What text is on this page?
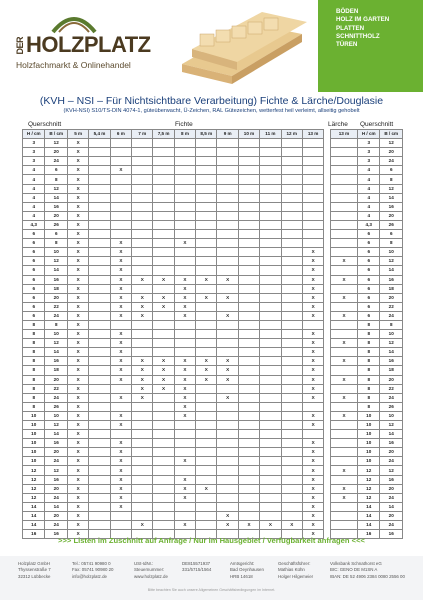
DERHOLZPLATZ
Holzfachmarkt & Onlinehandel
BÖDEN
HOLZ IM GARTEN
PLATTEN
SCHNITTHOLZ
TÜREN
(KVH – NSI – Für Nichtsichtbare Verarbeitung) Fichte & Lärche/Douglasie
(KVH-NSI) S10/TS-DIN 4074-1, güteüberwacht, Ü-Zeichen, RAL Gütezeichen, wetterfest heil verleimt, allseitig gehobelt
Querschnitt	Fichte	Lärche Querschnitt
H / cm	B / cm	5 m	5,4 m	6 m	7 m	7,5 m	8 m	8,5 m	9 m	10 m	11 m	12 m	13 m		13 m	H / cm	B / cm
3	12	X														3	12
3	20	X														3	20
3	24	X														3	24
4	6	X		X												4	6
4	8	X														4	8
4	12	X														4	12
4	14	X														4	14
4	16	X														4	16
4	20	X														4	20
4,3	26	X														4,3	26
6	6	X														6	6
6	8	X		X			X									6	8
6	10	X		X									X			6	10
6	12	X		X									X		X	6	12
6	14	X		X									X			6	14
6	16	X		X	X	X	X	X	X				X		X	6	16
6	18	X		X			X						X			6	18
6	20	X		X	X	X	X	X	X				X		X	6	20
6	22	X		X	X	X	X						X			6	22
6	24	X		X	X		X		X				X		X	6	24
8	8	X														8	8
8	10	X		X									X			8	10
8	12	X		X									X		X	8	12
8	14	X		X									X			8	14
8	16	X		X	X	X	X	X	X				X		X	8	16
8	18	X		X	X	X	X	X	X				X			8	18
8	20	X		X	X	X	X	X	X				X		X	8	20
8	22	X			X	X	X						X			8	22
8	24	X		X	X		X		X				X		X	8	24
8	26	X					X									8	26
10	10	X		X			X						X		X	10	10
10	12	X		X									X			10	12
10	14	X														10	14
10	16	X		X									X			10	16
10	20	X		X									X			10	20
10	24	X		X			X						X			10	24
12	12	X		X									X		X	12	12
12	16	X		X			X						X			12	16
12	20	X		X			X	X					X		X	12	20
12	24	X		X			X						X		X	12	24
14	14	X		X									X			14	14
14	20	X							X				X			14	20
14	24	X			X		X		X	X	X	X	X			14	24
16	16	X											X			16	16
>>> Listen im Zuschnitt auf Anfrage / Nur im Hausgebiet / Verfügbarkeit anfragen <<<
Holzplatz GmbH
Thyssenstraße 7
32312 Lübbecke
Tel.: 05741 90980 0
Fax: 05741 90980 20
info@holzplatz.de
USt-IdNr.:
Steuernummer:
www.holzplatz.de
DE815571937
331/5715/1564
Amtsgericht:
Bad Oeynhausen
HRB 14618
Geschäftsführer:
Mathias Kühn
Holger Hilgemeier
Volksbank Schnathorst eG
BIC: GENO DE M1SN A
IBAN: DE 52 4906 2384 0080 2556 00
Bitte beachten Sie auch unsere Allgemeinen Geschäftsbedingungen im Internet.
